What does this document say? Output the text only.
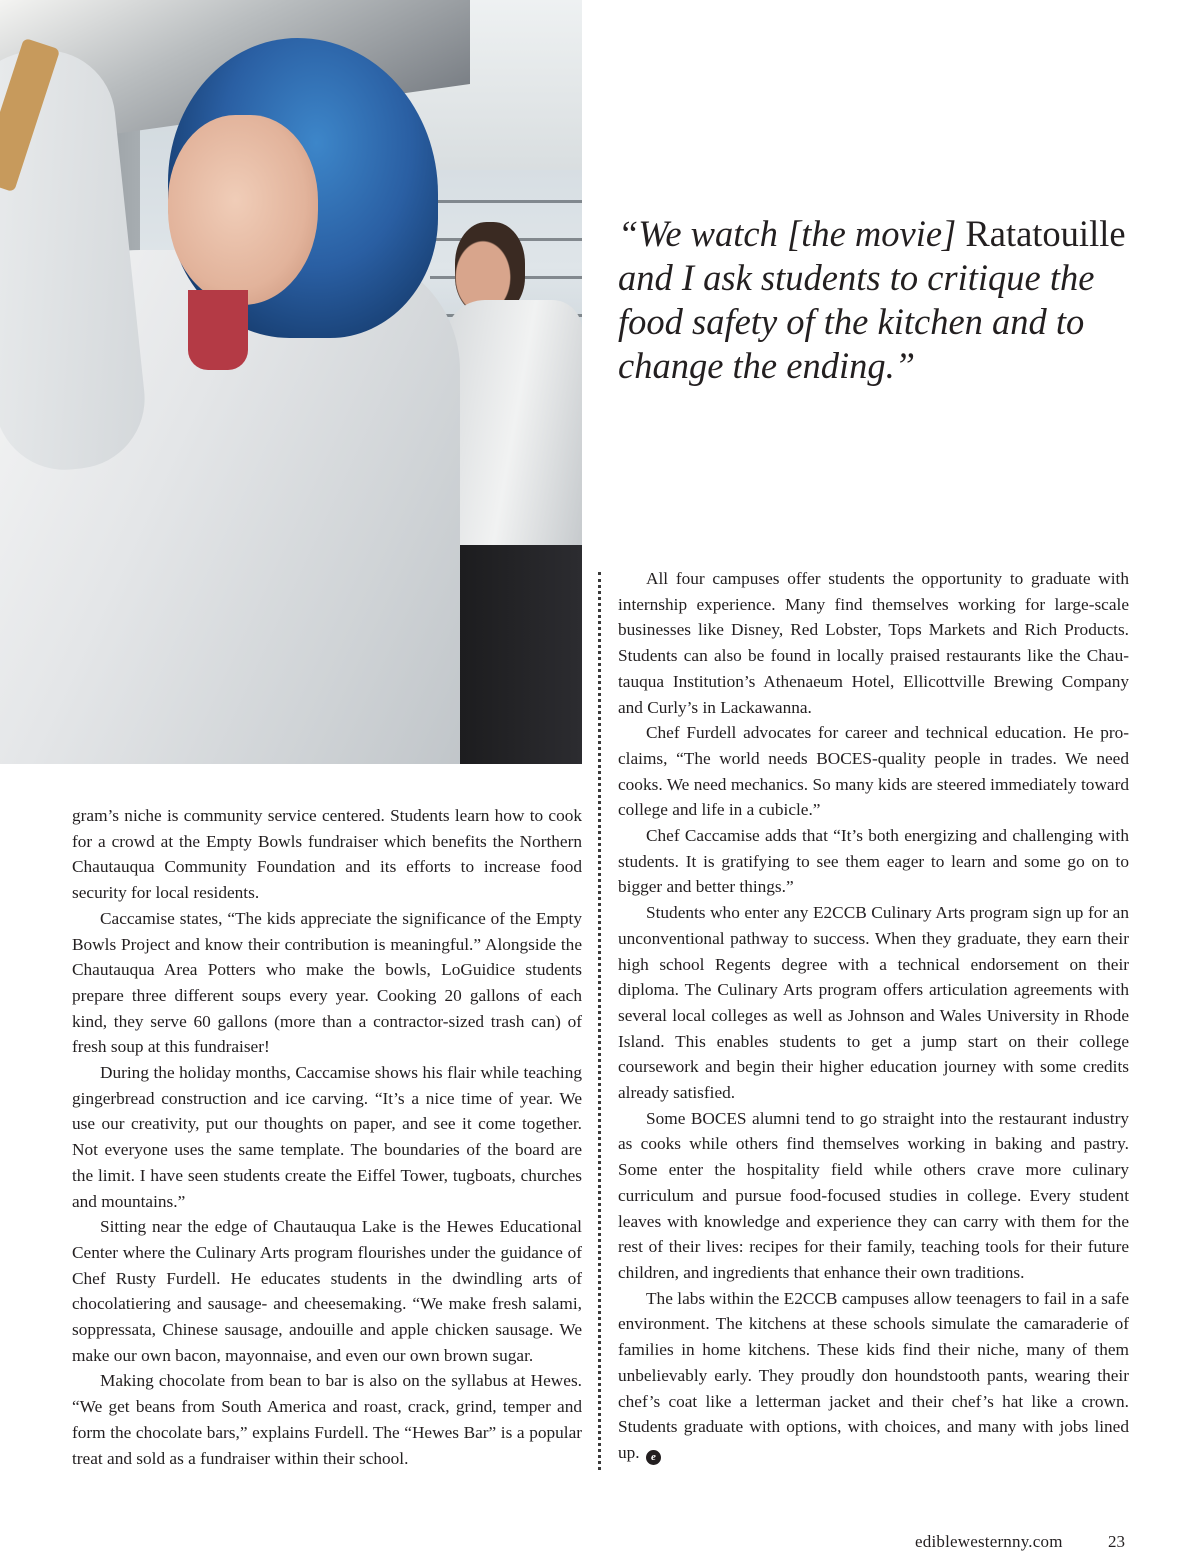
“We watch [the movie] Ratatouille and I ask students to critique the food safety of the kitchen and to change the ending.”

gram’s niche is community service centered. Students learn how to cook for a crowd at the Empty Bowls fundraiser which benefits the Northern Chautauqua Community Foundation and its efforts to increase food security for local residents.

Caccamise states, “The kids appreciate the significance of the Empty Bowls Project and know their contribution is meaningful.” Alongside the Chautauqua Area Potters who make the bowls, LoGuidice students prepare three different soups every year. Cooking 20 gallons of each kind, they serve 60 gallons (more than a contractor-sized trash can) of fresh soup at this fundraiser!

During the holiday months, Caccamise shows his flair while teaching gingerbread construction and ice carving. “It’s a nice time of year. We use our creativity, put our thoughts on paper, and see it come together. Not everyone uses the same template. The boundaries of the board are the limit. I have seen students create the Eiffel Tower, tugboats, churches and mountains.”

Sitting near the edge of Chautauqua Lake is the Hewes Educational Center where the Culinary Arts program flourishes under the guidance of Chef Rusty Furdell. He educates students in the dwindling arts of chocolatiering and sausage- and cheesemaking. “We make fresh salami, soppressata, Chinese sausage, andouille and apple chicken sausage. We make our own bacon, mayonnaise, and even our own brown sugar.

Making chocolate from bean to bar is also on the syllabus at Hewes. “We get beans from South America and roast, crack, grind, temper and form the chocolate bars,” explains Furdell. The “Hewes Bar” is a popular treat and sold as a fundraiser within their school.

All four campuses offer students the opportunity to graduate with internship experience. Many find themselves working for large-scale businesses like Disney, Red Lobster, Tops Markets and Rich Products. Students can also be found in locally praised restaurants like the Chautauqua Institution’s Athenaeum Hotel, Ellicottville Brewing Company and Curly’s in Lackawanna.

Chef Furdell advocates for career and technical education. He proclaims, “The world needs BOCES-quality people in trades. We need cooks. We need mechanics. So many kids are steered immediately toward college and life in a cubicle.”

Chef Caccamise adds that “It’s both energizing and challenging with students. It is gratifying to see them eager to learn and some go on to bigger and better things.”

Students who enter any E2CCB Culinary Arts program sign up for an unconventional pathway to success. When they graduate, they earn their high school Regents degree with a technical endorsement on their diploma. The Culinary Arts program offers articulation agreements with several local colleges as well as Johnson and Wales University in Rhode Island. This enables students to get a jump start on their college coursework and begin their higher education journey with some credits already satisfied.

Some BOCES alumni tend to go straight into the restaurant industry as cooks while others find themselves working in baking and pastry. Some enter the hospitality field while others crave more culinary curriculum and pursue food-focused studies in college. Every student leaves with knowledge and experience they can carry with them for the rest of their lives: recipes for their family, teaching tools for their future children, and ingredients that enhance their own traditions.

The labs within the E2CCB campuses allow teenagers to fail in a safe environment. The kitchens at these schools simulate the camaraderie of families in home kitchens. These kids find their niche, many of them unbelievably early. They proudly don houndstooth pants, wearing their chef’s coat like a letterman jacket and their chef’s hat like a crown. Students graduate with options, with choices, and many with jobs lined up. e

ediblewesternny.com	23
